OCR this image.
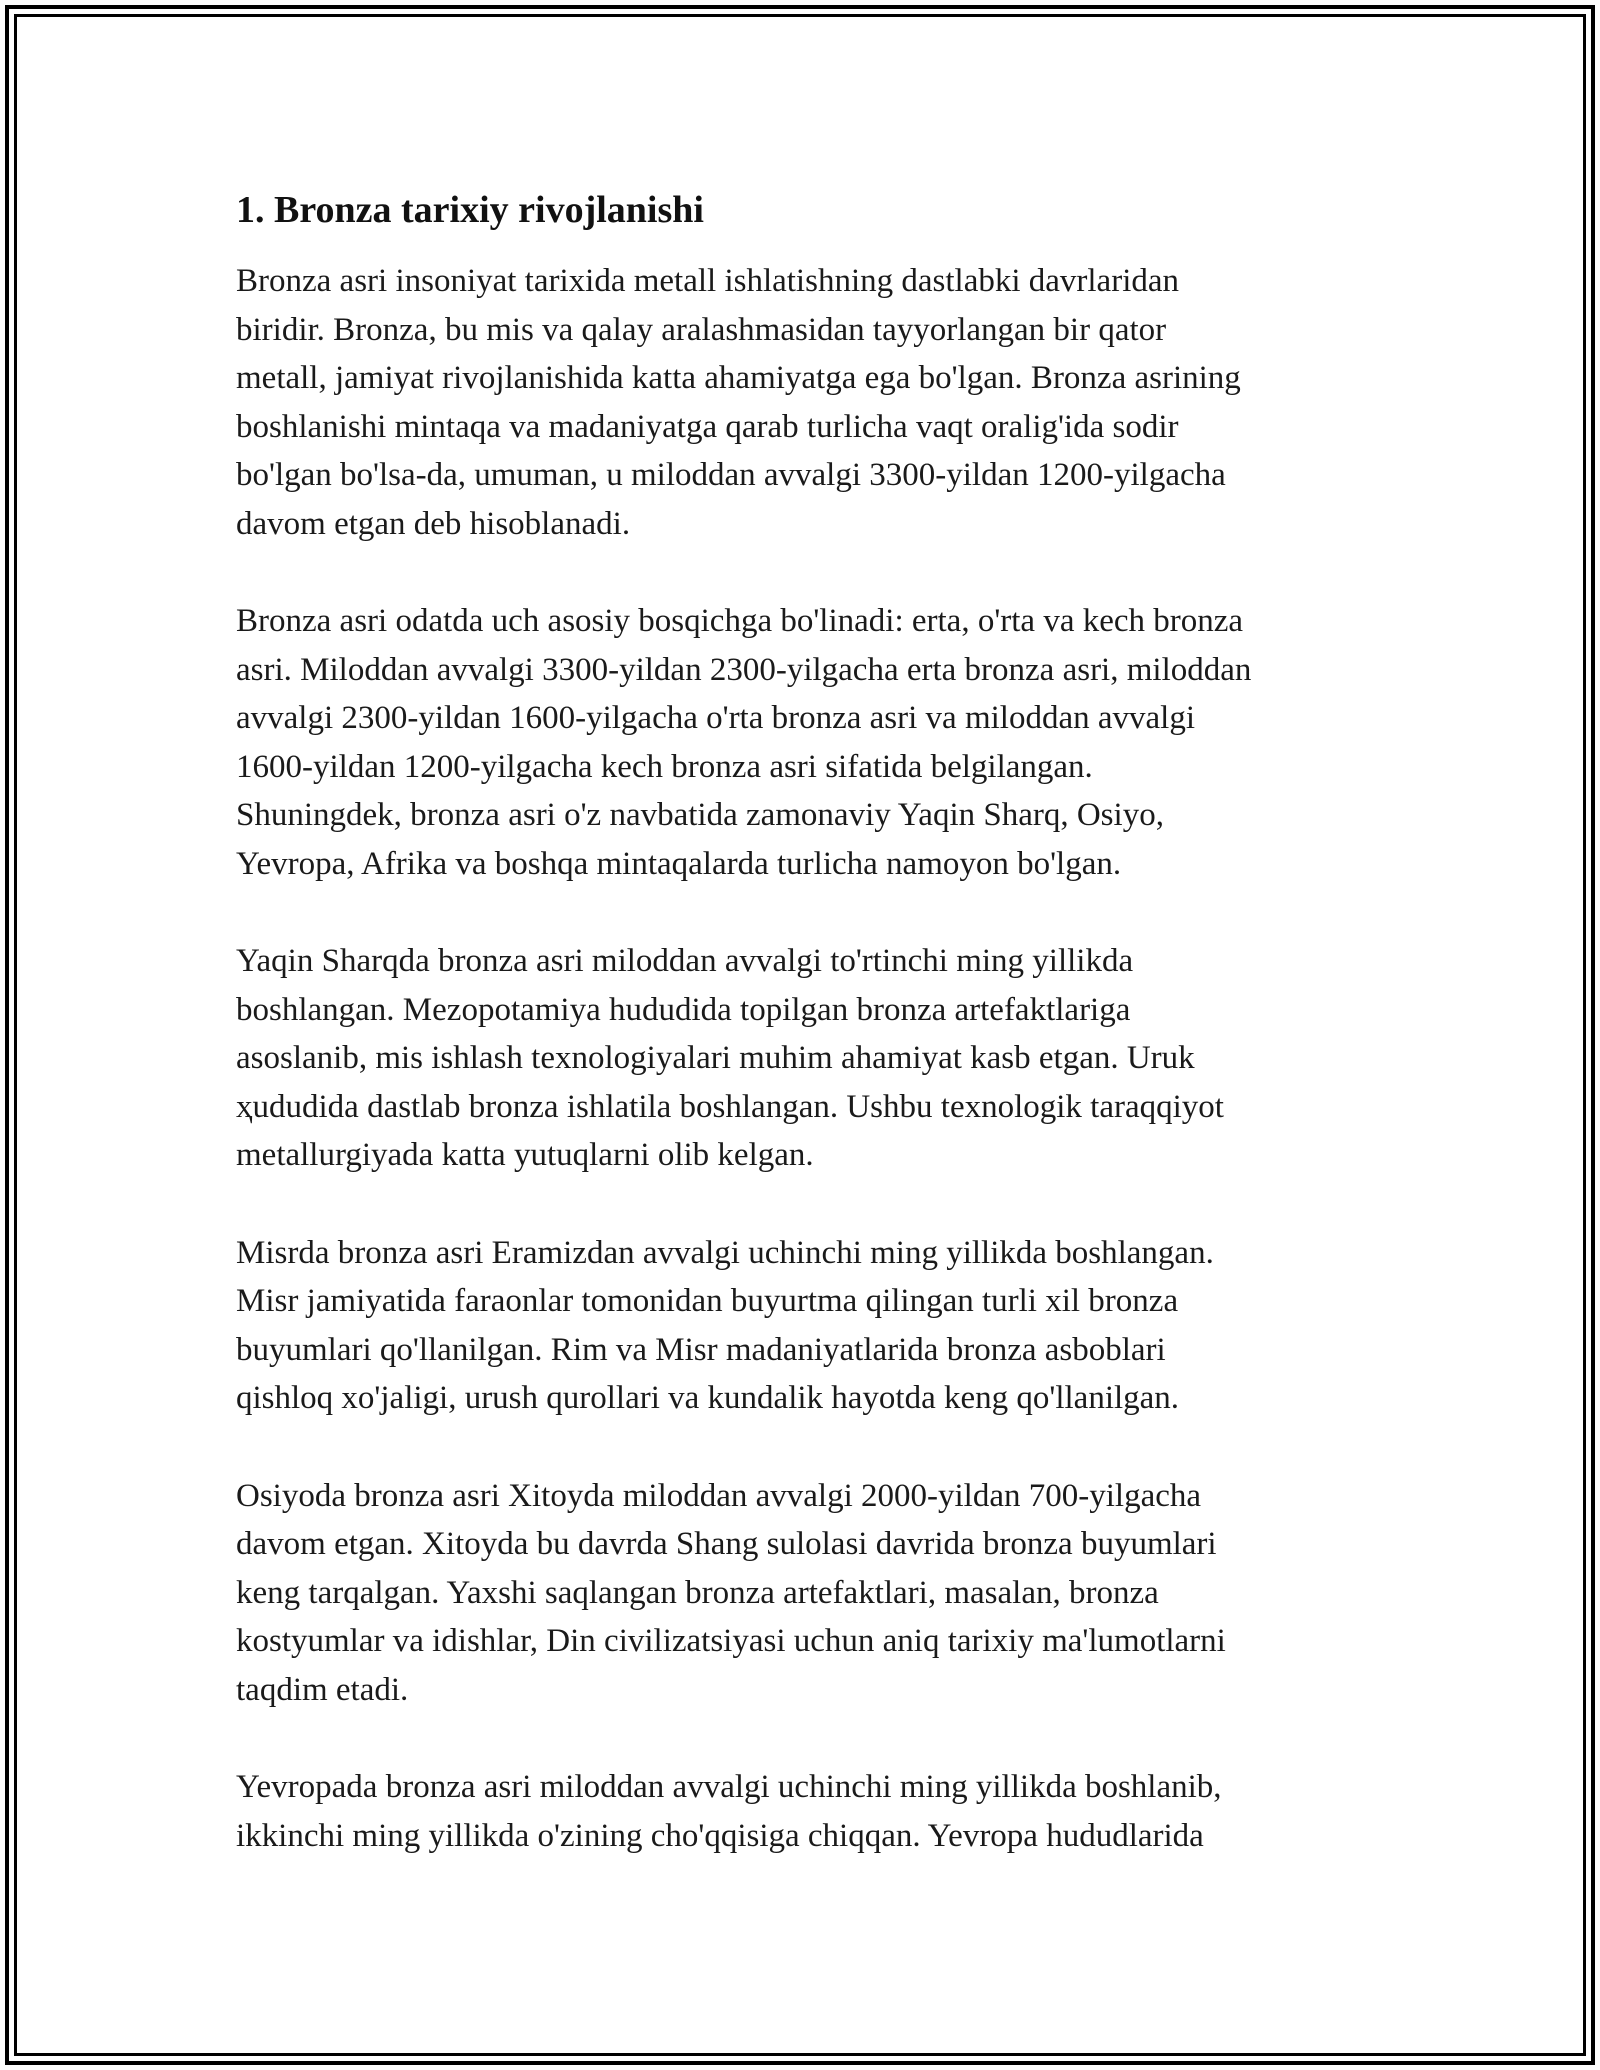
1. Bronza tarixiy rivojlanishi

Bronza asri insoniyat tarixida metall ishlatishning dastlabki davrlaridan
biridir. Bronza, bu mis va qalay aralashmasidan tayyorlangan bir qator
metall, jamiyat rivojlanishida katta ahamiyatga ega bo'lgan. Bronza asrining
boshlanishi mintaqa va madaniyatga qarab turlicha vaqt oralig'ida sodir
bo'lgan bo'lsa-da, umuman, u miloddan avvalgi 3300-yildan 1200-yilgacha
davom etgan deb hisoblanadi.

Bronza asri odatda uch asosiy bosqichga bo'linadi: erta, o'rta va kech bronza
asri. Miloddan avvalgi 3300-yildan 2300-yilgacha erta bronza asri, miloddan
avvalgi 2300-yildan 1600-yilgacha o'rta bronza asri va miloddan avvalgi
1600-yildan 1200-yilgacha kech bronza asri sifatida belgilangan.
Shuningdek, bronza asri o'z navbatida zamonaviy Yaqin Sharq, Osiyo,
Yevropa, Afrika va boshqa mintaqalarda turlicha namoyon bo'lgan.

Yaqin Sharqda bronza asri miloddan avvalgi to'rtinchi ming yillikda
boshlangan. Mezopotamiya hududida topilgan bronza artefaktlariga
asoslanib, mis ishlash texnologiyalari muhim ahamiyat kasb etgan. Uruk
ҳududida dastlab bronza ishlatila boshlangan. Ushbu texnologik taraqqiyot
metallurgiyada katta yutuqlarni olib kelgan.

Misrda bronza asri Eramizdan avvalgi uchinchi ming yillikda boshlangan.
Misr jamiyatida faraonlar tomonidan buyurtma qilingan turli xil bronza
buyumlari qo'llanilgan. Rim va Misr madaniyatlarida bronza asboblari
qishloq xo'jaligi, urush qurollari va kundalik hayotda keng qo'llanilgan.

Osiyoda bronza asri Xitoyda miloddan avvalgi 2000-yildan 700-yilgacha
davom etgan. Xitoyda bu davrda Shang sulolasi davrida bronza buyumlari
keng tarqalgan. Yaxshi saqlangan bronza artefaktlari, masalan, bronza
kostyumlar va idishlar, Din civilizatsiyasi uchun aniq tarixiy ma'lumotlarni
taqdim etadi.

Yevropada bronza asri miloddan avvalgi uchinchi ming yillikda boshlanib,
ikkinchi ming yillikda o'zining cho'qqisiga chiqqan. Yevropa hududlarida
